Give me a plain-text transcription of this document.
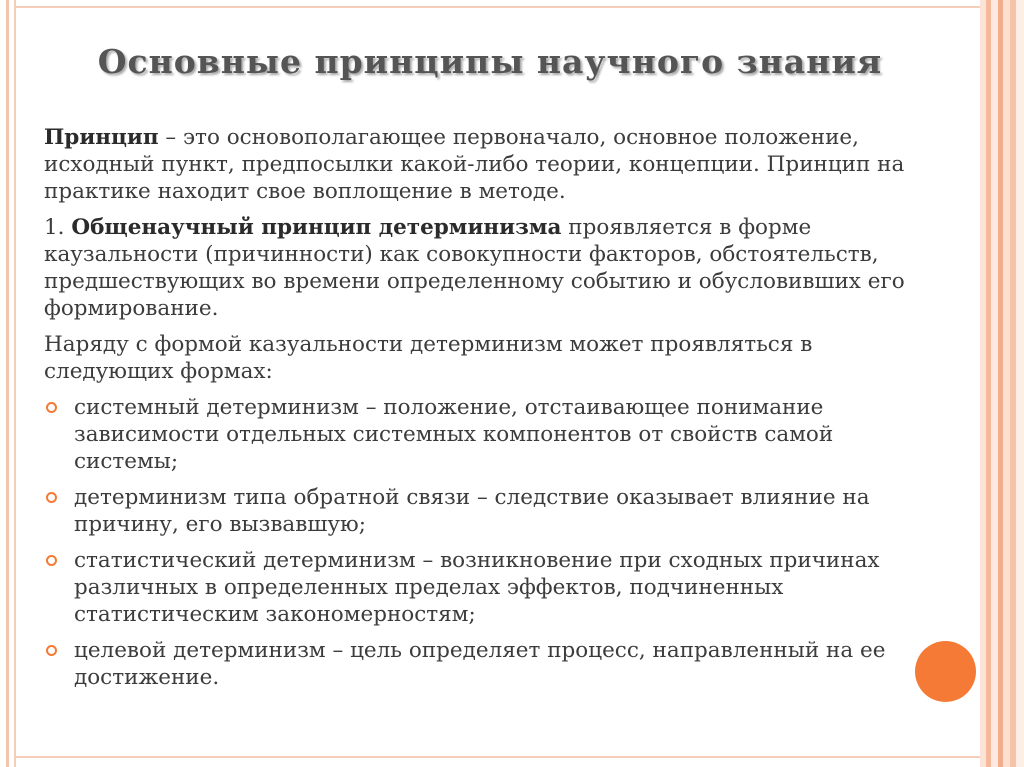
Основные принципы научного знания

Принцип – это основополагающее первоначало, основное положение, исходный пункт, предпосылки какой-либо теории, концепции. Принцип на практике находит свое воплощение в методе.

1. Общенаучный принцип детерминизма проявляется в форме каузальности (причинности) как совокупности факторов, обстоятельств, предшествующих во времени определенному событию и обусловивших его формирование.

Наряду с формой казуальности детерминизм может проявляться в следующих формах:

системный детерминизм – положение, отстаивающее понимание зависимости отдельных системных компонентов от свойств самой системы;
детерминизм типа обратной связи – следствие оказывает влияние на причину, его вызвавшую;
статистический детерминизм – возникновение при сходных причинах различных в определенных пределах эффектов, подчиненных статистическим закономерностям;
целевой детерминизм – цель определяет процесс, направленный на ее достижение.
